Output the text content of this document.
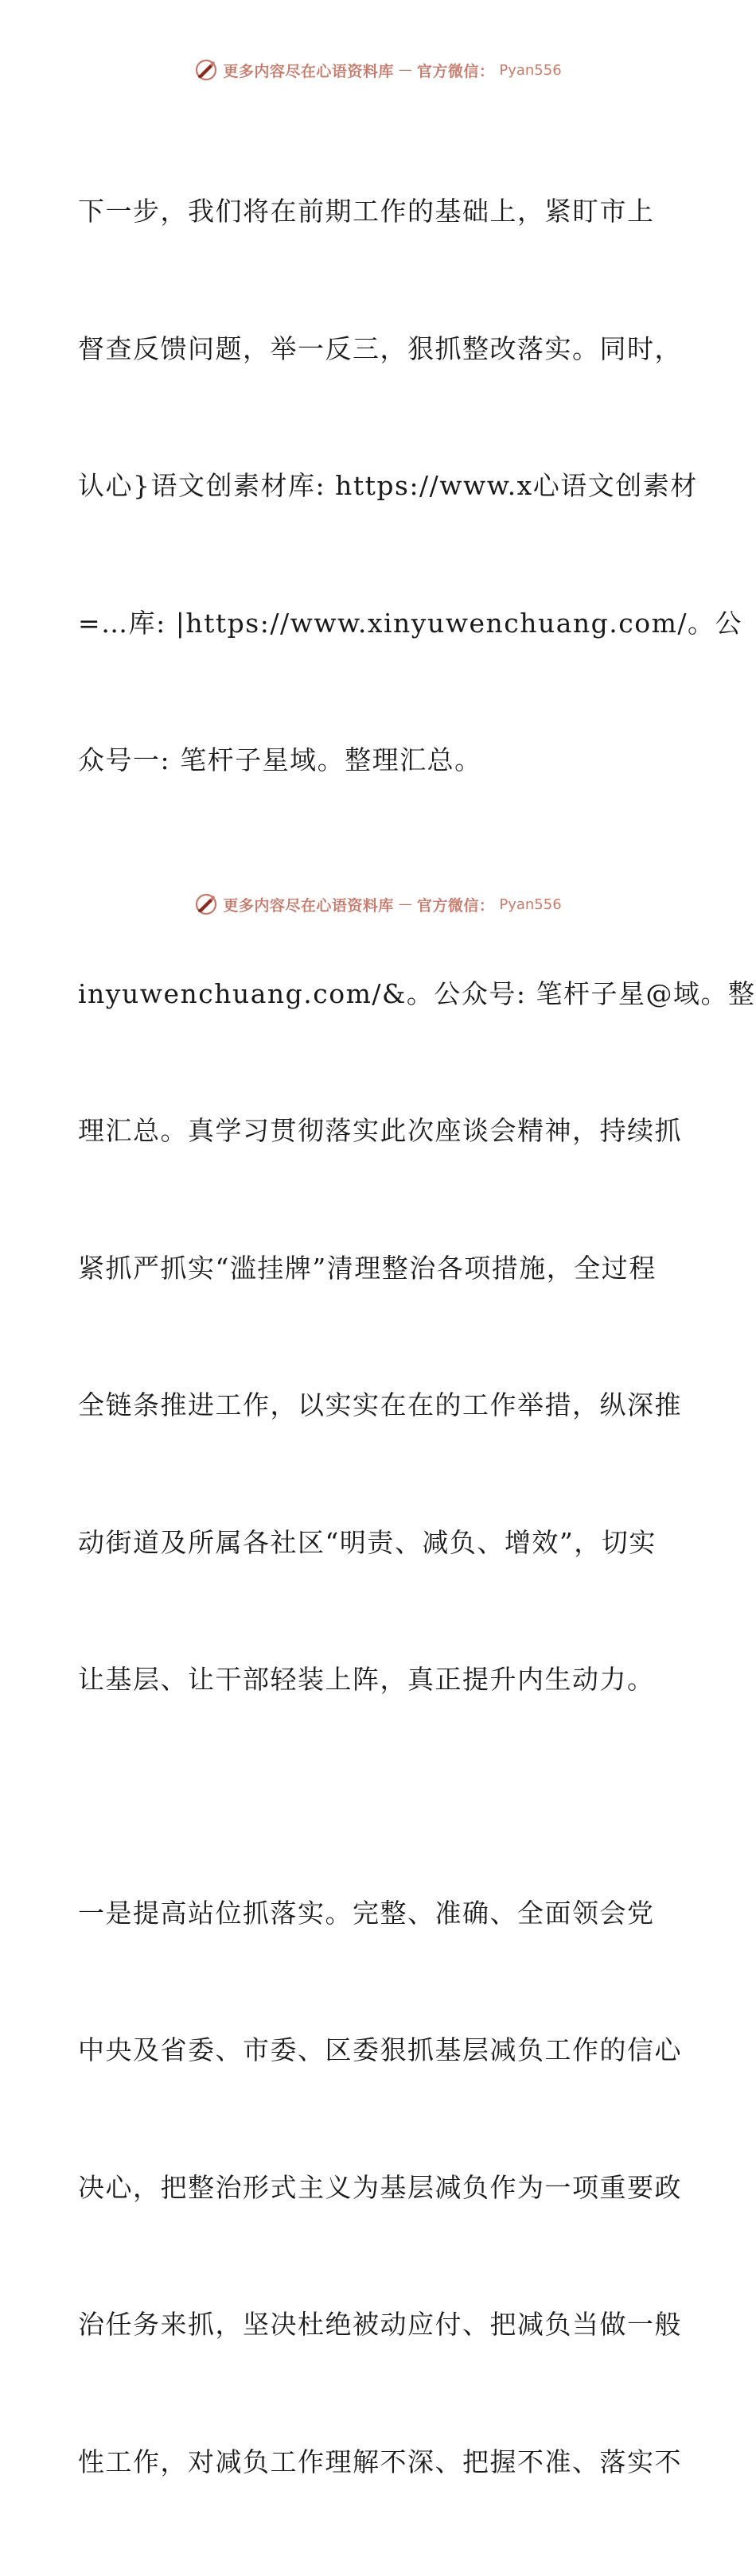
更多内容尽在心语资料库 — 官方微信： Pyan556

下一步，我们将在前期工作的基础上，紧盯市上

督查反馈问题，举一反三，狠抓整改落实。同时，

认心}语文创素材库: https://www.x心语文创素材

=…库: |https://www.xinyuwenchuang.com/。公

众号一: 笔杆子星域。整理汇总。

inyuwenchuang.com/&。公众号: 笔杆子星@域。整

理汇总。真学习贯彻落实此次座谈会精神，持续抓

紧抓严抓实“滥挂牌”清理整治各项措施，全过程

全链条推进工作，以实实在在的工作举措，纵深推

动街道及所属各社区“明责、减负、增效”，切实

让基层、让干部轻装上阵，真正提升内生动力。

一是提高站位抓落实。完整、准确、全面领会党

中央及省委、市委、区委狠抓基层减负工作的信心

决心，把整治形式主义为基层减负作为一项重要政

治任务来抓，坚决杜绝被动应付、把减负当做一般

性工作，对减负工作理解不深、把握不准、落实不

更多内容尽在心语资料库 — 官方微信： Pyan556
